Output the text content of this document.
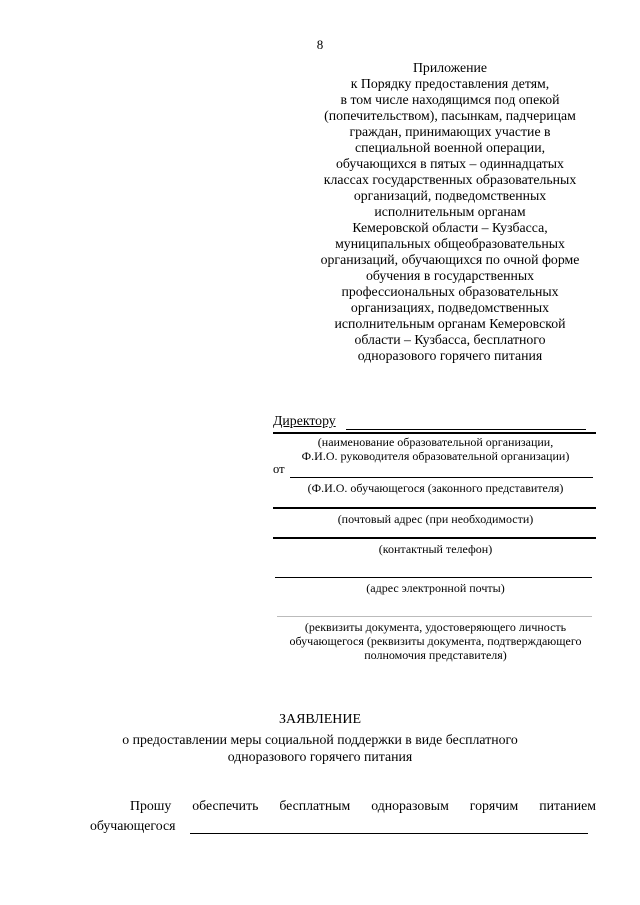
8
Приложение
к Порядку предоставления детям,
в том числе находящимся под опекой
(попечительством), пасынкам, падчерицам
граждан, принимающих участие в
специальной военной операции,
обучающихся в пятых – одиннадцатых
классах государственных образовательных
организаций, подведомственных
исполнительным органам
Кемеровской области – Кузбасса,
муниципальных общеобразовательных
организаций, обучающихся по очной форме
обучения в государственных
профессиональных образовательных
организациях, подведомственных
исполнительным органам Кемеровской
области – Кузбасса, бесплатного
одноразового горячего питания
Директору
(наименование образовательной организации,
Ф.И.О. руководителя образовательной организации)
от
(Ф.И.О. обучающегося (законного представителя)
(почтовый адрес (при необходимости)
(контактный телефон)
(адрес электронной почты)
(реквизиты документа, удостоверяющего личность
обучающегося (реквизиты документа, подтверждающего
полномочия представителя)
ЗАЯВЛЕНИЕ
о предоставлении меры социальной поддержки в виде бесплатного
одноразового горячего питания
Прошу обеспечить бесплатным одноразовым горячим питанием
обучающегося
